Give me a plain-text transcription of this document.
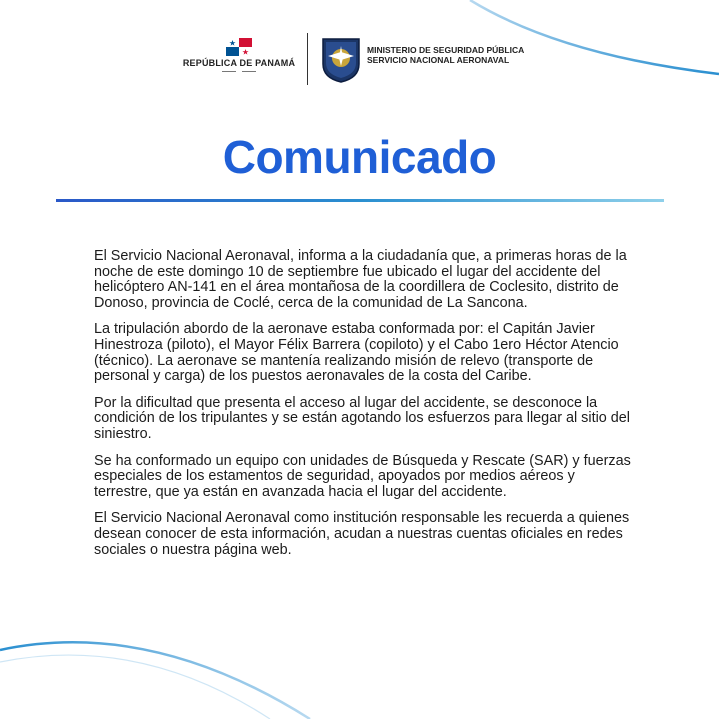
REPÚBLICA DE PANAMÁ
MINISTERIO DE SEGURIDAD PÚBLICA
SERVICIO NACIONAL AERONAVAL
Comunicado

El Servicio Nacional Aeronaval, informa a la ciudadanía que, a primeras horas de la noche de este domingo 10 de septiembre fue ubicado el lugar del accidente del helicóptero AN-141 en el área montañosa de la coordillera de Coclesito, distrito de Donoso, provincia de Coclé, cerca de la comunidad de La Sancona.

La tripulación abordo de la aeronave estaba conformada por: el Capitán Javier Hinestroza (piloto), el Mayor Félix Barrera (copiloto) y el Cabo 1ero Héctor Atencio (técnico). La aeronave se mantenía realizando misión de relevo (transporte de personal y carga) de los puestos aeronavales de la costa del Caribe.

Por la dificultad que presenta el acceso al lugar del accidente, se desconoce la condición de los tripulantes y se están agotando los esfuerzos para llegar al sitio del siniestro.

Se ha conformado un equipo con unidades de Búsqueda y Rescate (SAR) y fuerzas especiales de los estamentos de seguridad, apoyados por medios aéreos y terrestre, que ya están en avanzada hacia el lugar del accidente.

El Servicio Nacional Aeronaval como institución responsable les recuerda a quienes desean conocer de esta información, acudan a nuestras cuentas oficiales en redes sociales o nuestra página web.
